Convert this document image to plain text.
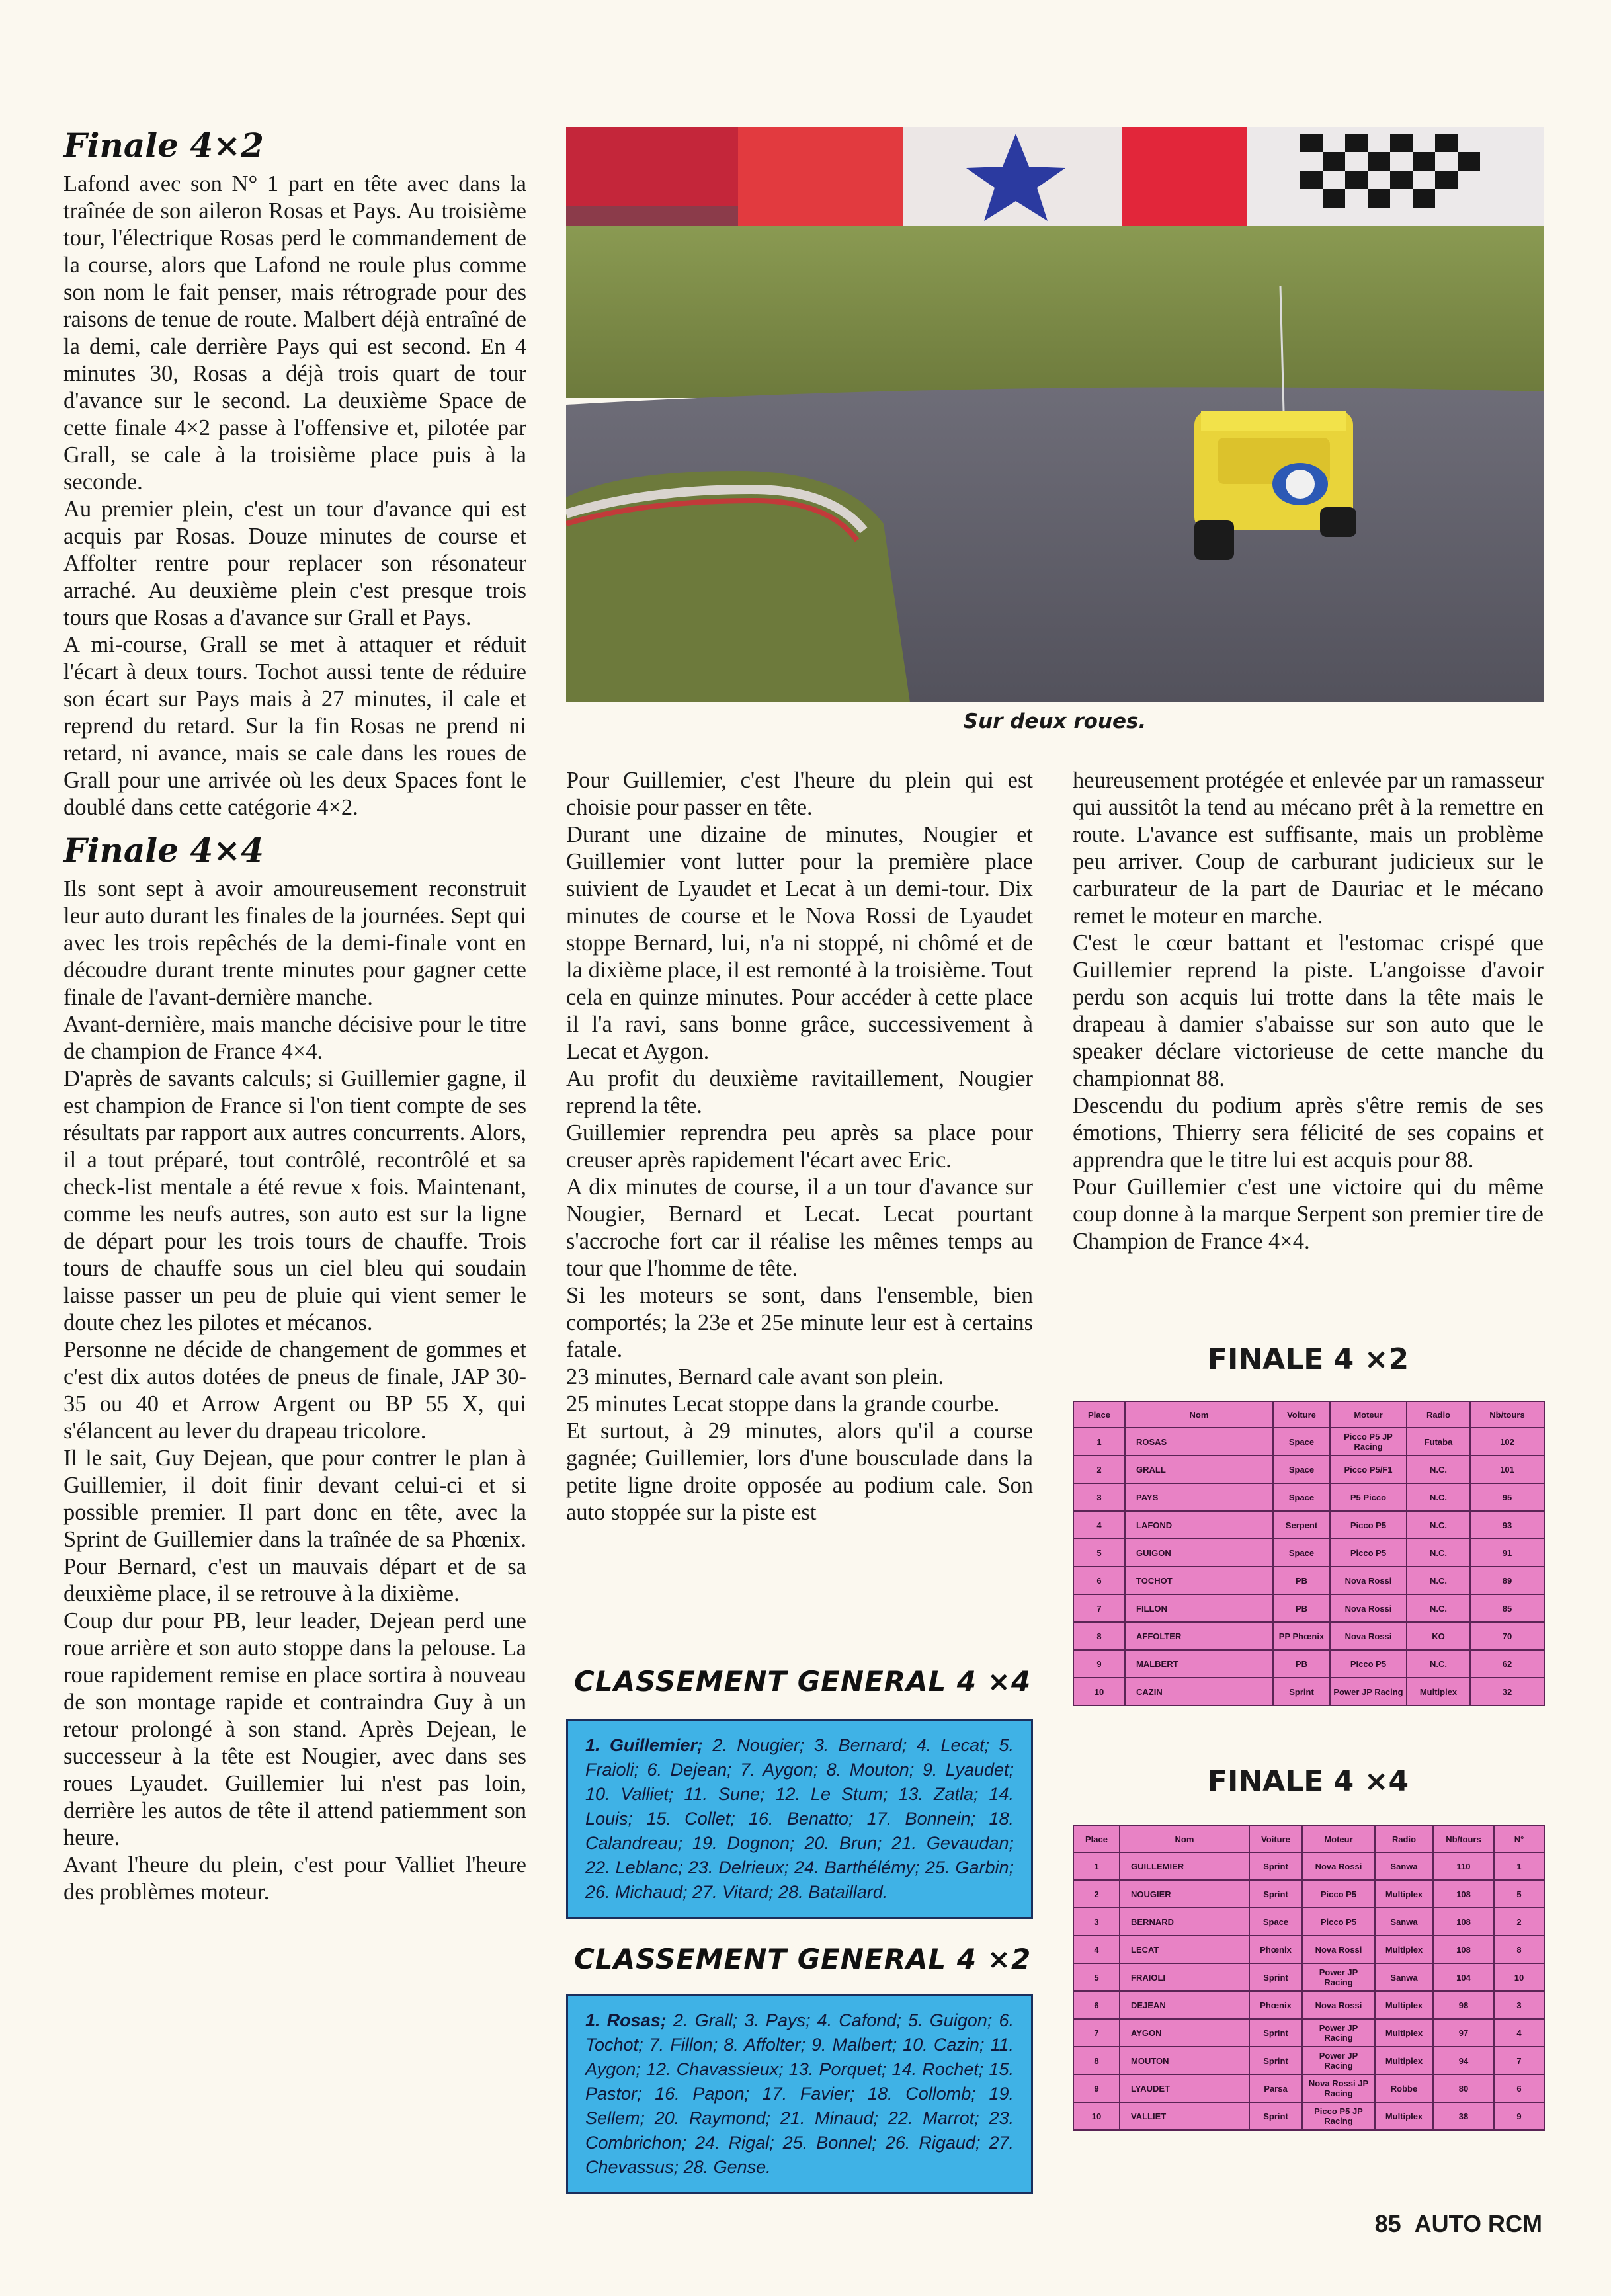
Finale 4×2

Lafond avec son N° 1 part en tête avec dans la traînée de son aileron Rosas et Pays. Au troisième tour, l'électrique Rosas perd le commandement de la course, alors que Lafond ne roule plus comme son nom le fait penser, mais rétrograde pour des raisons de tenue de route. Malbert déjà entraîné de la demi, cale derrière Pays qui est second. En 4 minutes 30, Rosas a déjà trois quart de tour d'avance sur le second. La deuxième Space de cette finale 4×2 passe à l'offensive et, pilotée par Grall, se cale à la troisième place puis à la seconde.

Au premier plein, c'est un tour d'avance qui est acquis par Rosas. Douze minutes de course et Affolter rentre pour replacer son résonateur arraché. Au deuxième plein c'est presque trois tours que Rosas a d'avance sur Grall et Pays.

A mi-course, Grall se met à attaquer et réduit l'écart à deux tours. Tochot aussi tente de réduire son écart sur Pays mais à 27 minutes, il cale et reprend du retard. Sur la fin Rosas ne prend ni retard, ni avance, mais se cale dans les roues de Grall pour une arrivée où les deux Spaces font le doublé dans cette catégorie 4×2.

Finale 4×4

Ils sont sept à avoir amoureusement reconstruit leur auto durant les finales de la journées. Sept qui avec les trois repêchés de la demi-finale vont en découdre durant trente minutes pour gagner cette finale de l'avant-dernière manche.

Avant-dernière, mais manche décisive pour le titre de champion de France 4×4.

D'après de savants calculs; si Guillemier gagne, il est champion de France si l'on tient compte de ses résultats par rapport aux autres concurrents. Alors, il a tout préparé, tout contrôlé, recontrôlé et sa check-list mentale a été revue x fois. Maintenant, comme les neufs autres, son auto est sur la ligne de départ pour les trois tours de chauffe. Trois tours de chauffe sous un ciel bleu qui soudain laisse passer un peu de pluie qui vient semer le doute chez les pilotes et mécanos.

Personne ne décide de changement de gommes et c'est dix autos dotées de pneus de finale, JAP 30-35 ou 40 et Arrow Argent ou BP 55 X, qui s'élancent au lever du drapeau tricolore.

Il le sait, Guy Dejean, que pour contrer le plan à Guillemier, il doit finir devant celui-ci et si possible premier. Il part donc en tête, avec la Sprint de Guillemier dans la traînée de sa Phœnix. Pour Bernard, c'est un mauvais départ et de sa deuxième place, il se retrouve à la dixième.

Coup dur pour PB, leur leader, Dejean perd une roue arrière et son auto stoppe dans la pelouse. La roue rapidement remise en place sortira à nouveau de son montage rapide et contraindra Guy à un retour prolongé à son stand. Après Dejean, le successeur à la tête est Nougier, avec dans ses roues Lyaudet. Guillemier lui n'est pas loin, derrière les autos de tête il attend patiemment son heure.

Avant l'heure du plein, c'est pour Valliet l'heure des problèmes moteur.

Sur deux roues.

Pour Guillemier, c'est l'heure du plein qui est choisie pour passer en tête.

Durant une dizaine de minutes, Nougier et Guillemier vont lutter pour la première place suivient de Lyaudet et Lecat à un demi-tour. Dix minutes de course et le Nova Rossi de Lyaudet stoppe Bernard, lui, n'a ni stoppé, ni chômé et de la dixième place, il est remonté à la troisième. Tout cela en quinze minutes. Pour accéder à cette place il l'a ravi, sans bonne grâce, successivement à Lecat et Aygon.

Au profit du deuxième ravitaillement, Nougier reprend la tête.

Guillemier reprendra peu après sa place pour creuser après rapidement l'écart avec Eric.

A dix minutes de course, il a un tour d'avance sur Nougier, Bernard et Lecat. Lecat pourtant s'accroche fort car il réalise les mêmes temps au tour que l'homme de tête.

Si les moteurs se sont, dans l'ensemble, bien comportés; la 23e et 25e minute leur est à certains fatale.

23 minutes, Bernard cale avant son plein.

25 minutes Lecat stoppe dans la grande courbe.

Et surtout, à 29 minutes, alors qu'il a course gagnée; Guillemier, lors d'une bousculade dans la petite ligne droite opposée au podium cale. Son auto stoppée sur la piste est

CLASSEMENT GENERAL 4 ×4
1. Guillemier; 2. Nougier; 3. Bernard; 4. Lecat; 5. Fraioli; 6. Dejean; 7. Aygon; 8. Mouton; 9. Lyaudet; 10. Valliet; 11. Sune; 12. Le Stum; 13. Zatla; 14. Louis; 15. Collet; 16. Benatto; 17. Bonnein; 18. Calandreau; 19. Dognon; 20. Brun; 21. Gevaudan; 22. Leblanc; 23. Delrieux; 24. Barthélémy; 25. Garbin; 26. Michaud; 27. Vitard; 28. Bataillard.
CLASSEMENT GENERAL 4 ×2
1. Rosas; 2. Grall; 3. Pays; 4. Cafond; 5. Guigon; 6. Tochot; 7. Fillon; 8. Affolter; 9. Malbert; 10. Cazin; 11. Aygon; 12. Chavassieux; 13. Porquet; 14. Rochet; 15. Pastor; 16. Papon; 17. Favier; 18. Collomb; 19. Sellem; 20. Raymond; 21. Minaud; 22. Marrot; 23. Combrichon; 24. Rigal; 25. Bonnel; 26. Rigaud; 27. Chevassus; 28. Gense.

heureusement protégée et enlevée par un ramasseur qui aussitôt la tend au mécano prêt à la remettre en route. L'avance est suffisante, mais un problème peu arriver. Coup de carburant judicieux sur le carburateur de la part de Dauriac et le mécano remet le moteur en marche.

C'est le cœur battant et l'estomac crispé que Guillemier reprend la piste. L'angoisse d'avoir perdu son acquis lui trotte dans la tête mais le drapeau à damier s'abaisse sur son auto que le speaker déclare victorieuse de cette manche du championnat 88.

Descendu du podium après s'être remis de ses émotions, Thierry sera félicité de ses copains et apprendra que le titre lui est acquis pour 88.

Pour Guillemier c'est une victoire qui du même coup donne à la marque Serpent son premier tire de Champion de France 4×4.

FINALE 4 ×2
Place	Nom	Voiture	Moteur	Radio	Nb/tours
1	ROSAS	Space	Picco P5 JP Racing	Futaba	102
2	GRALL	Space	Picco P5/F1	N.C.	101
3	PAYS	Space	P5 Picco	N.C.	95
4	LAFOND	Serpent	Picco P5	N.C.	93
5	GUIGON	Space	Picco P5	N.C.	91
6	TOCHOT	PB	Nova Rossi	N.C.	89
7	FILLON	PB	Nova Rossi	N.C.	85
8	AFFOLTER	PP Phœnix	Nova Rossi	KO	70
9	MALBERT	PB	Picco P5	N.C.	62
10	CAZIN	Sprint	Power JP Racing	Multiplex	32
FINALE 4 ×4
Place	Nom	Voiture	Moteur	Radio	Nb/tours	N°
1	GUILLEMIER	Sprint	Nova Rossi	Sanwa	110	1
2	NOUGIER	Sprint	Picco P5	Multiplex	108	5
3	BERNARD	Space	Picco P5	Sanwa	108	2
4	LECAT	Phœnix	Nova Rossi	Multiplex	108	8
5	FRAIOLI	Sprint	Power JP Racing	Sanwa	104	10
6	DEJEAN	Phœnix	Nova Rossi	Multiplex	98	3
7	AYGON	Sprint	Power JP Racing	Multiplex	97	4
8	MOUTON	Sprint	Power JP Racing	Multiplex	94	7
9	LYAUDET	Parsa	Nova Rossi JP Racing	Robbe	80	6
10	VALLIET	Sprint	Picco P5 JP Racing	Multiplex	38	9
85 AUTO RCM
